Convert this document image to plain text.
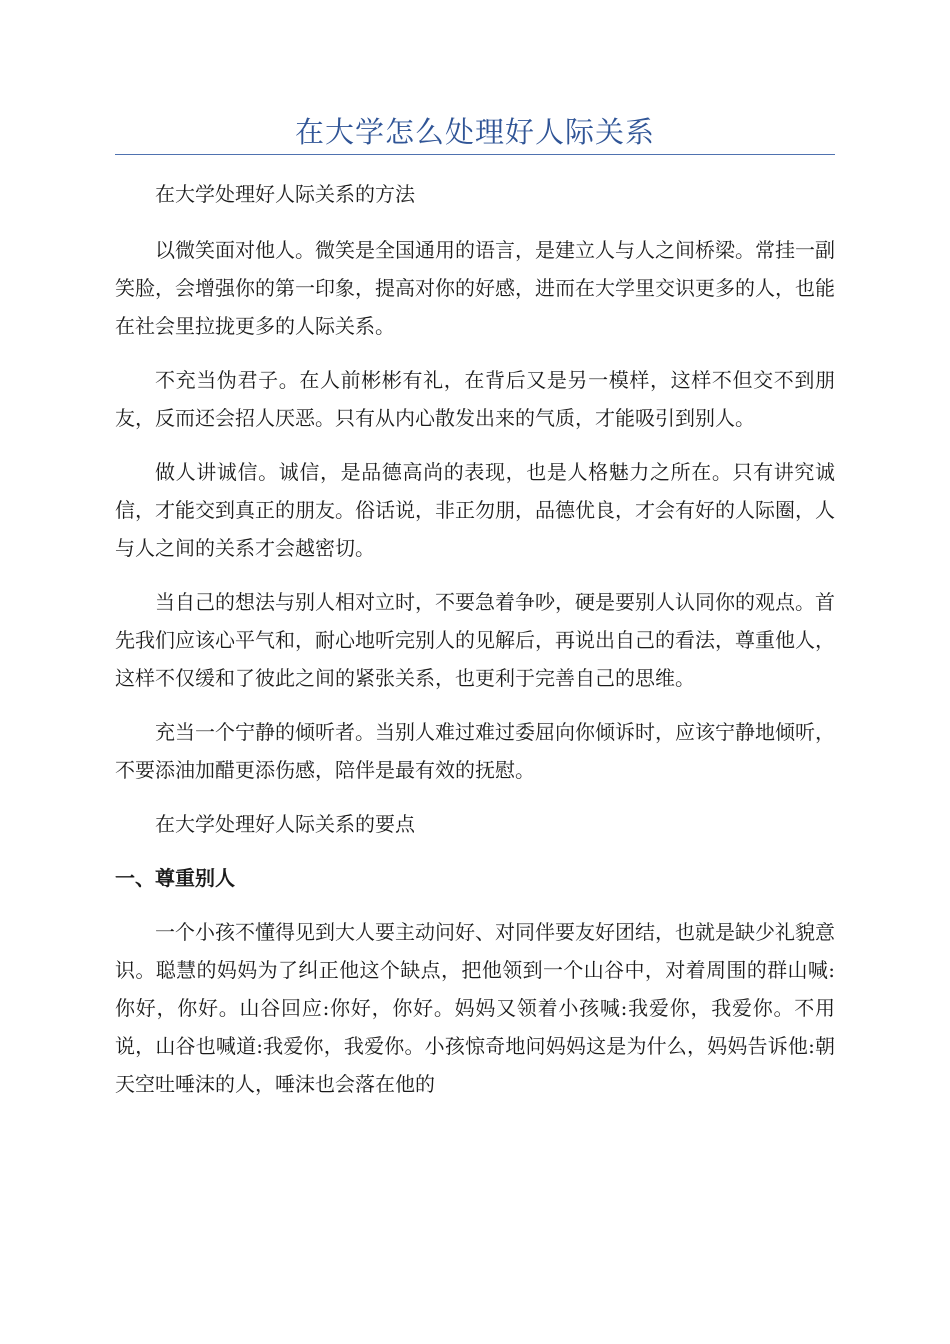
在大学怎么处理好人际关系

在大学处理好人际关系的方法

以微笑面对他人。微笑是全国通用的语言，是建立人与人之间桥梁。常挂一副笑脸，会增强你的第一印象，提高对你的好感，进而在大学里交识更多的人，也能在社会里拉拢更多的人际关系。

不充当伪君子。在人前彬彬有礼，在背后又是另一模样，这样不但交不到朋友，反而还会招人厌恶。只有从内心散发出来的气质，才能吸引到别人。

做人讲诚信。诚信，是品德高尚的表现，也是人格魅力之所在。只有讲究诚信，才能交到真正的朋友。俗话说，非正勿朋，品德优良，才会有好的人际圈，人与人之间的关系才会越密切。

当自己的想法与别人相对立时，不要急着争吵，硬是要别人认同你的观点。首先我们应该心平气和，耐心地听完别人的见解后，再说出自己的看法，尊重他人，这样不仅缓和了彼此之间的紧张关系，也更利于完善自己的思维。

充当一个宁静的倾听者。当别人难过难过委屈向你倾诉时，应该宁静地倾听，不要添油加醋更添伤感，陪伴是最有效的抚慰。

在大学处理好人际关系的要点

一、尊重别人

一个小孩不懂得见到大人要主动问好、对同伴要友好团结，也就是缺少礼貌意识。聪慧的妈妈为了纠正他这个缺点，把他领到一个山谷中，对着周围的群山喊:你好，你好。山谷回应:你好，你好。妈妈又领着小孩喊:我爱你，我爱你。不用说，山谷也喊道:我爱你，我爱你。小孩惊奇地问妈妈这是为什么，妈妈告诉他:朝天空吐唾沫的人，唾沫也会落在他的
